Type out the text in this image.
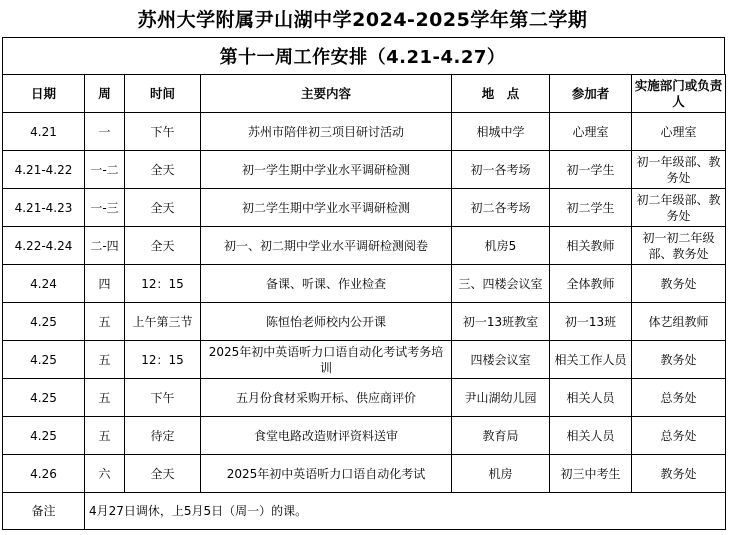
苏州大学附属尹山湖中学2024-2025学年第二学期
第十一周工作安排（4.21-4.27）
日期	周	时间	主要内容	地　点	参加者	实施部门或负责人
4.21	一	下午	苏州市陪伴初三项目研讨活动	相城中学	心理室	心理室
4.21-4.22	一-二	全天	初一学生期中学业水平调研检测	初一各考场	初一学生	初一年级部、教务处
4.21-4.23	一-三	全天	初二学生期中学业水平调研检测	初二各考场	初二学生	初二年级部、教务处
4.22-4.24	二-四	全天	初一、初二期中学业水平调研检测阅卷	机房5	相关教师	初一初二年级部、教务处
4.24	四	12：15	备课、听课、作业检查	三、四楼会议室	全体教师	教务处
4.25	五	上午第三节	陈恒怡老师校内公开课	初一13班教室	初一13班	体艺组教师
4.25	五	12：15	2025年初中英语听力口语自动化考试考务培训	四楼会议室	相关工作人员	教务处
4.25	五	下午	五月份食材采购开标、供应商评价	尹山湖幼儿园	相关人员	总务处
4.25	五	待定	食堂电路改造财评资料送审	教育局	相关人员	总务处
4.26	六	全天	2025年初中英语听力口语自动化考试	机房	初三中考生	教务处
备注	4月27日调休，上5月5日（周一）的课。					
